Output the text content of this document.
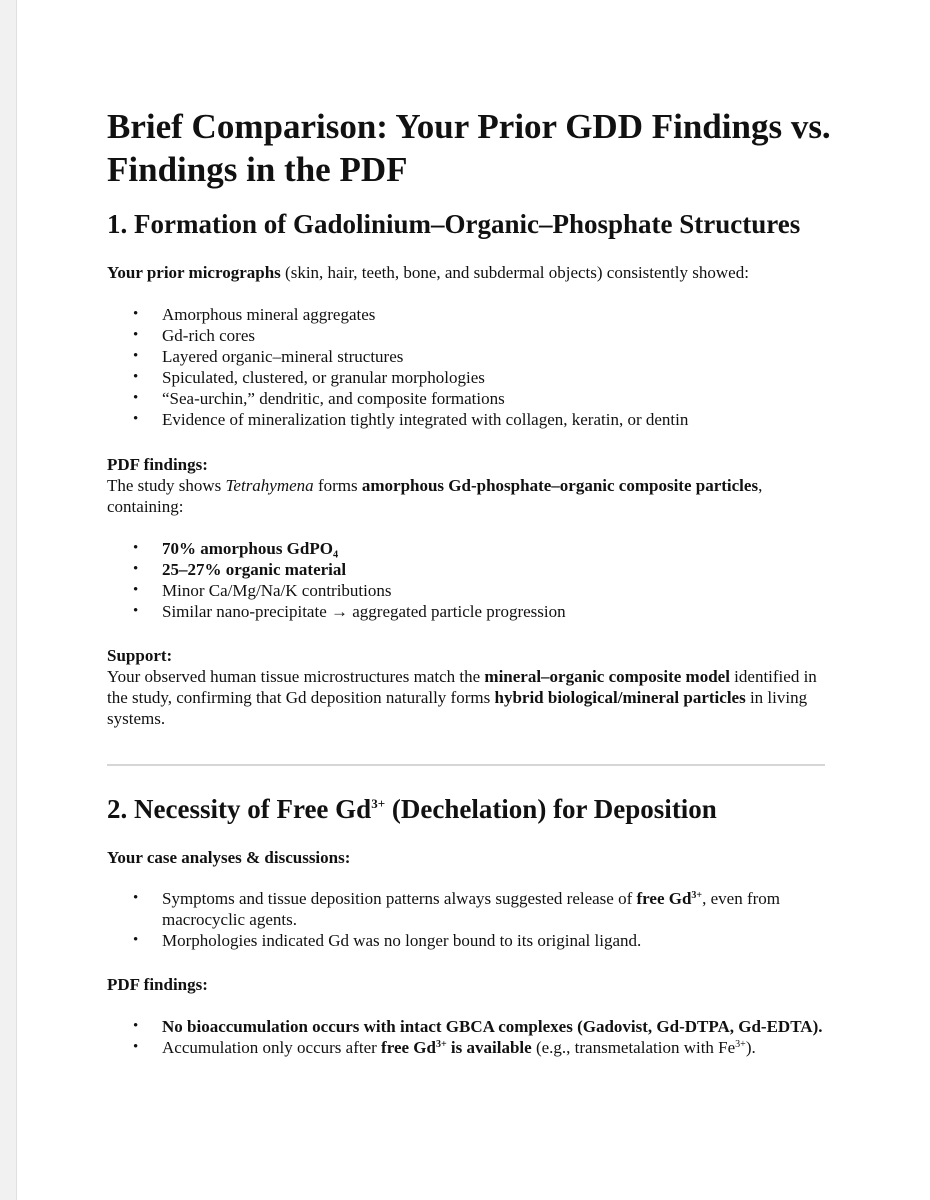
Brief Comparison: Your Prior GDD Findings vs. Findings in the PDF
1. Formation of Gadolinium–Organic–Phosphate Structures

Your prior micrographs (skin, hair, teeth, bone, and subdermal objects) consistently showed:

• Amorphous mineral aggregates
• Gd-rich cores
• Layered organic–mineral structures
• Spiculated, clustered, or granular morphologies
• “Sea-urchin,” dendritic, and composite formations
• Evidence of mineralization tightly integrated with collagen, keratin, or dentin
PDF findings:
The study shows Tetrahymena forms amorphous Gd-phosphate–organic composite particles, containing:
• 70% amorphous GdPO₄
• 25–27% organic material
• Minor Ca/Mg/Na/K contributions
• Similar nano-precipitate → aggregated particle progression
Support:
Your observed human tissue microstructures match the mineral–organic composite model identified in the study, confirming that Gd deposition naturally forms hybrid biological/mineral particles in living systems.
2. Necessity of Free $Gd^{3+}$ (Dechelation) for Deposition

Your case analyses & discussions:

• Symptoms and tissue deposition patterns always suggested release of free $Gd^{3+}$, even from macrocyclic agents.
• Morphologies indicated Gd was no longer bound to its original ligand.

PDF findings:

• No bioaccumulation occurs with intact GBCA complexes (Gadovist, Gd-DTPA, Gd-EDTA).
• Accumulation only occurs after free $Gd^{3+}$ is available (e.g., transmetalation with $Fe^{3+}$).
